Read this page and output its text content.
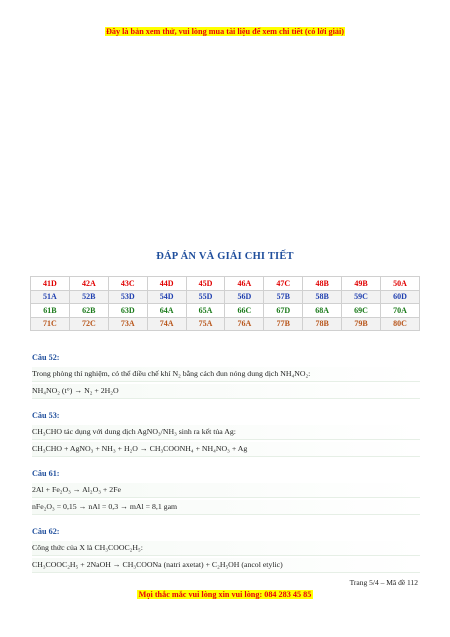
Đây là bản xem thử, vui lòng mua tài liệu để xem chi tiết (có lời giải)
ĐÁP ÁN VÀ GIẢI CHI TIẾT
41D	42A	43C	44D	45D	46A	47C	48B	49B	50A
51A	52B	53D	54D	55D	56D	57B	58B	59C	60D
61B	62B	63D	64A	65A	66C	67D	68A	69C	70A
71C	72C	73A	74A	75A	76A	77B	78B	79B	80C
Câu 52:
Trong phòng thí nghiệm, có thể điều chế khí N₂ bằng cách đun nóng dung dịch NH₄NO₂:
NH₄NO₂ (t°) → N₂ + 2H₂O
Câu 53:
CH₃CHO tác dụng với dung dịch AgNO₃/NH₃ sinh ra kết tủa Ag:
CH₃CHO + AgNO₃ + NH₃ + H₂O → CH₃COONH₄ + NH₄NO₃ + Ag
Câu 61:
2Al + Fe₂O₃ → Al₂O₃ + 2Fe
nFe₂O₃ = 0,15 → nAl = 0,3 → mAl = 8,1 gam
Câu 62:
Công thức của X là CH₃COOC₂H₅:
CH₃COOC₂H₅ + 2NaOH → CH₃COONa (natri axetat) + C₂H₅OH (ancol etylic)
Trang 5/4 – Mã đề 112
Mọi thắc mắc vui lòng xin vui lòng: 084 283 45 85
